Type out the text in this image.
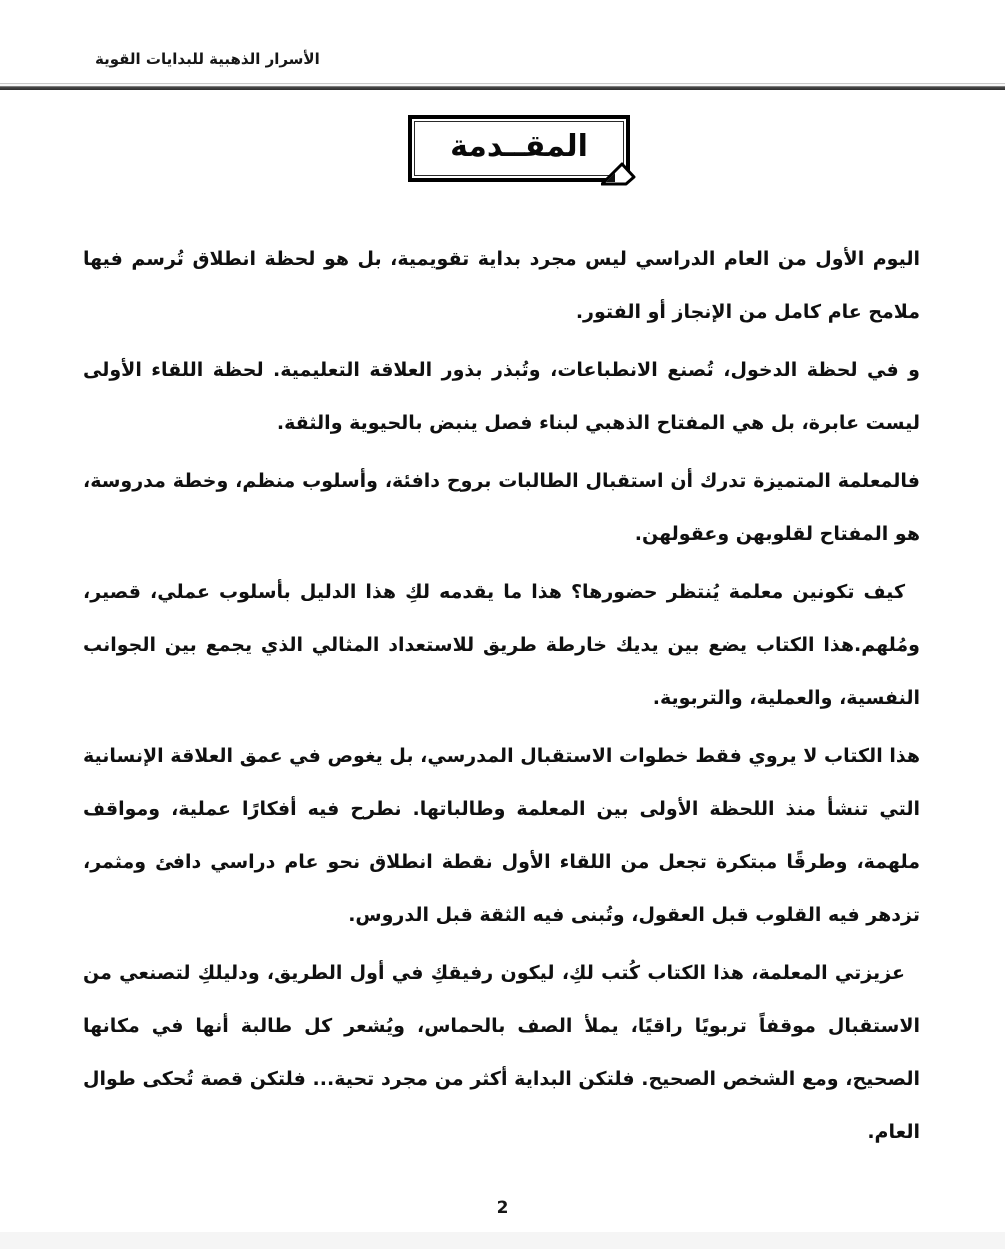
الأسرار الذهبية للبدايات القوية
المقــدمة

اليوم الأول من العام الدراسي ليس مجرد بداية تقويمية، بل هو لحظة انطلاق تُرسم فيها ملامح عام كامل من الإنجاز أو الفتور.

و في لحظة الدخول، تُصنع الانطباعات، وتُبذر بذور العلاقة التعليمية. لحظة اللقاء الأولى ليست عابرة، بل هي المفتاح الذهبي لبناء فصل ينبض بالحيوية والثقة.

فالمعلمة المتميزة تدرك أن استقبال الطالبات بروح دافئة، وأسلوب منظم، وخطة مدروسة، هو المفتاح لقلوبهن وعقولهن.

كيف تكونين معلمة يُنتظر حضورها؟ هذا ما يقدمه لكِ هذا الدليل بأسلوب عملي، قصير، ومُلهم.هذا الكتاب يضع بين يديك خارطة طريق للاستعداد المثالي الذي يجمع بين الجوانب النفسية، والعملية، والتربوية.

هذا الكتاب لا يروي فقط خطوات الاستقبال المدرسي، بل يغوص في عمق العلاقة الإنسانية التي تنشأ منذ اللحظة الأولى بين المعلمة وطالباتها. نطرح فيه أفكارًا عملية، ومواقف ملهمة، وطرقًا مبتكرة تجعل من اللقاء الأول نقطة انطلاق نحو عام دراسي دافئ ومثمر، تزدهر فيه القلوب قبل العقول، وتُبنى فيه الثقة قبل الدروس.

عزيزتي المعلمة، هذا الكتاب كُتب لكِ، ليكون رفيقكِ في أول الطريق، ودليلكِ لتصنعي من الاستقبال موقفاً تربويًا راقيًا، يملأ الصف بالحماس، ويُشعر كل طالبة أنها في مكانها الصحيح، ومع الشخص الصحيح. فلتكن البداية أكثر من مجرد تحية... فلتكن قصة تُحكى طوال العام.

2
